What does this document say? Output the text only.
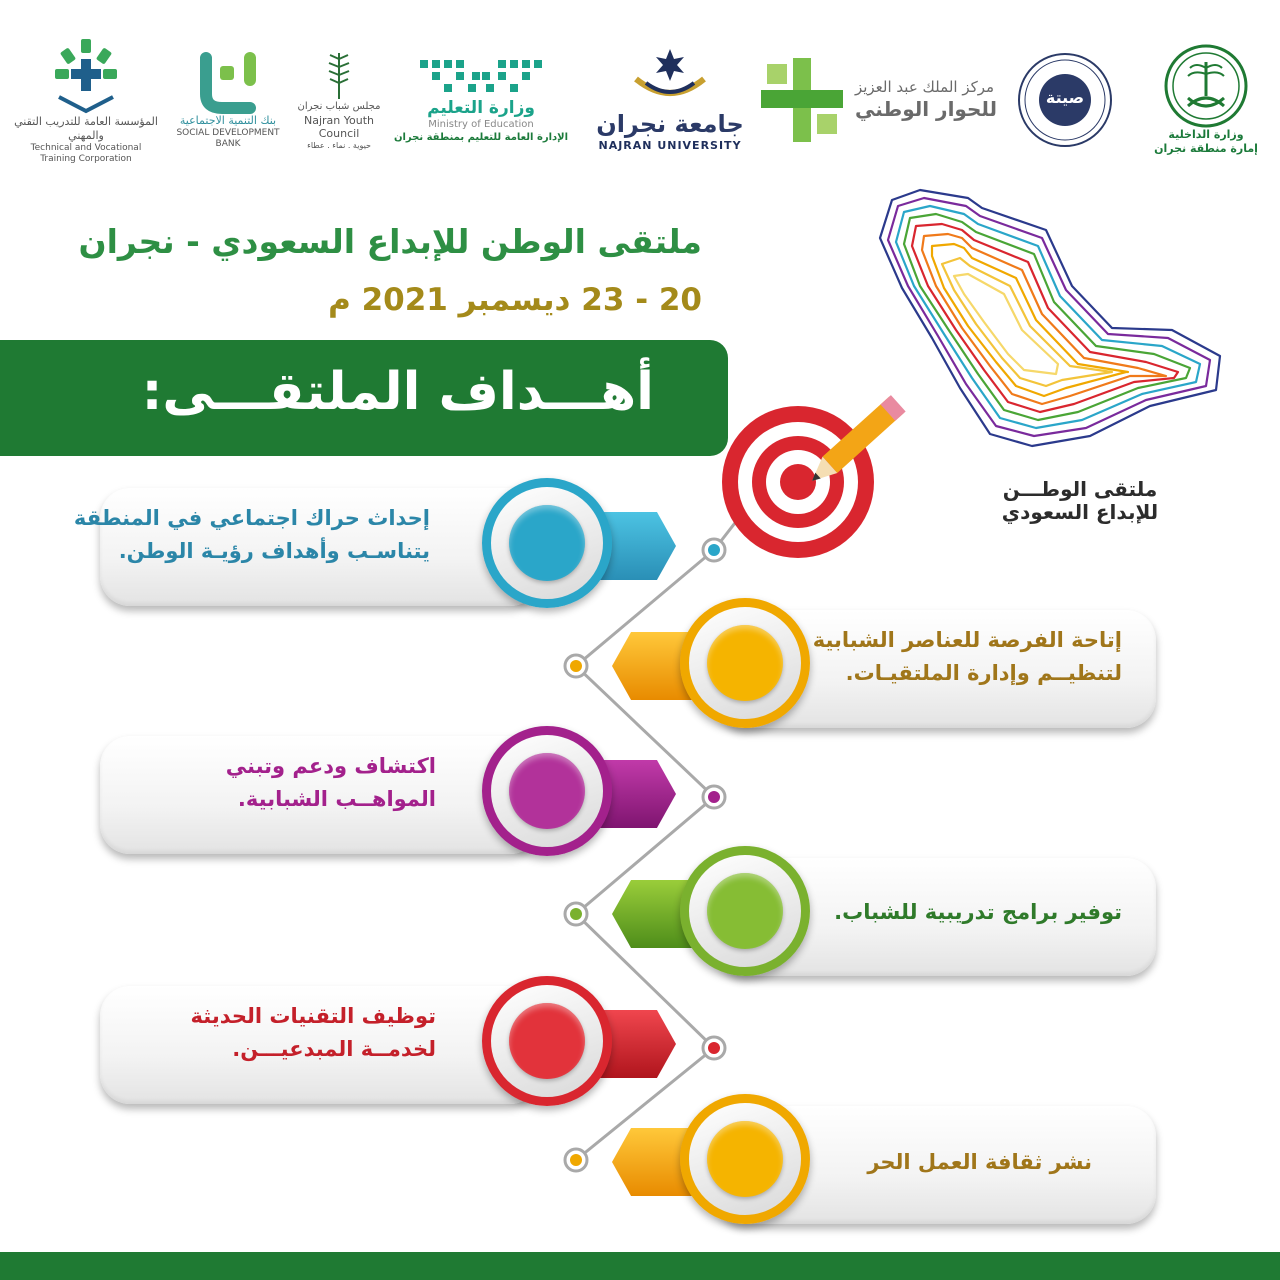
المؤسسة العامة للتدريب التقني والمهني
Technical and Vocational Training Corporation
بنك التنمية الاجتماعية
SOCIAL DEVELOPMENT BANK
مجلس شباب نجران
Najran Youth Council
حيوية . نماء . عطاء
وزارة التعليم
Ministry of Education
الإدارة العامة للتعليم بمنطقة نجران جامعة نجران
NAJRAN UNIVERSITY
مركز الملك عبد العزيز
للحوار الوطني	صيتة
وزارة الداخلية
إمارة منطقة نجران
ملتقى الوطن للإبداع السعودي - نجران
20 - 23 ديسمبر 2021 م
أهـــداف الملتقـــى:
ملتقى الوطـــن
للإبداع السعودي
إحداث حراك اجتماعي في المنطقة
يتناسـب وأهداف رؤيـة الوطن.
إتاحة الفرصة للعناصر الشبابية
لتنظيــم وإدارة الملتقيـات.
اكتشاف ودعم وتبني
المواهــب الشبابية.
توفير برامج تدريبية للشباب.
توظيف التقنيات الحديثة
لخدمــة المبدعيـــن.
نشر ثقافة العمل الحر
